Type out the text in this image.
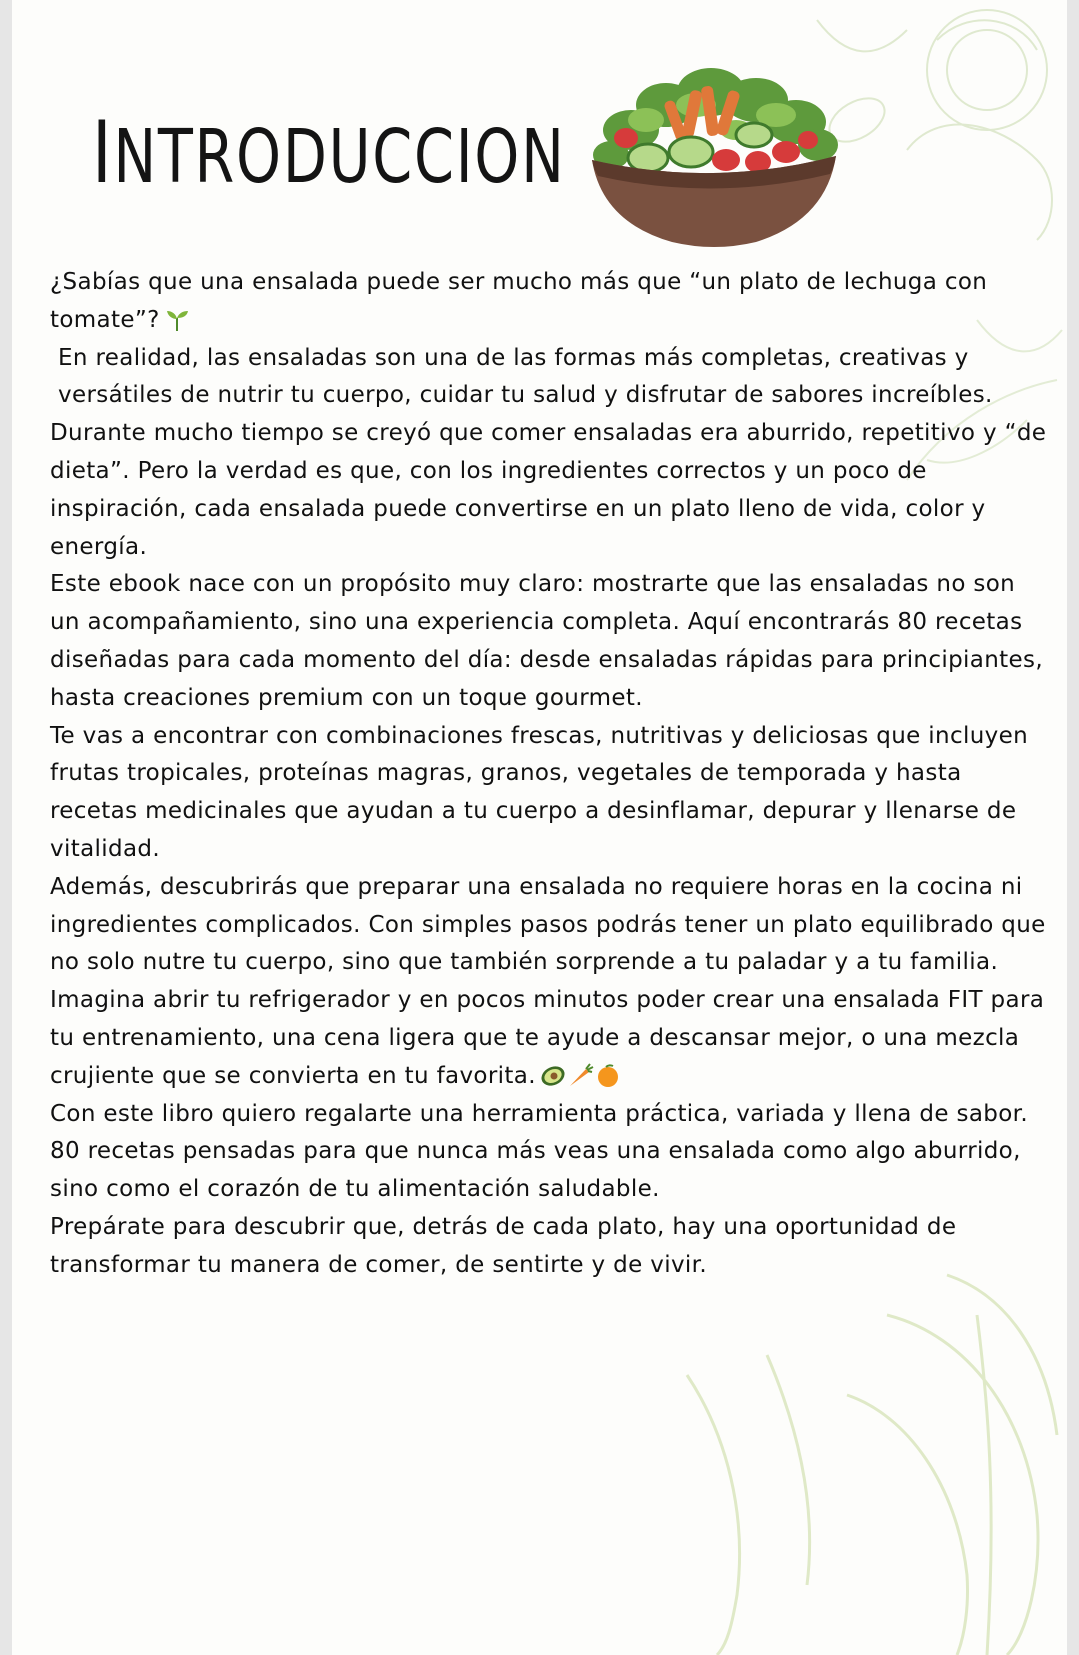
INTRODUCCION

¿Sabías que una ensalada puede ser mucho más que “un plato de lechuga con tomate”?

En realidad, las ensaladas son una de las formas más completas, creativas y versátiles de nutrir tu cuerpo, cuidar tu salud y disfrutar de sabores increíbles.

Durante mucho tiempo se creyó que comer ensaladas era aburrido, repetitivo y “de dieta”. Pero la verdad es que, con los ingredientes correctos y un poco de inspiración, cada ensalada puede convertirse en un plato lleno de vida, color y energía.

Este ebook nace con un propósito muy claro: mostrarte que las ensaladas no son un acompañamiento, sino una experiencia completa. Aquí encontrarás 80 recetas diseñadas para cada momento del día: desde ensaladas rápidas para principiantes, hasta creaciones premium con un toque gourmet.

Te vas a encontrar con combinaciones frescas, nutritivas y deliciosas que incluyen frutas tropicales, proteínas magras, granos, vegetales de temporada y hasta recetas medicinales que ayudan a tu cuerpo a desinflamar, depurar y llenarse de vitalidad.

Además, descubrirás que preparar una ensalada no requiere horas en la cocina ni ingredientes complicados. Con simples pasos podrás tener un plato equilibrado que no solo nutre tu cuerpo, sino que también sorprende a tu paladar y a tu familia.

Imagina abrir tu refrigerador y en pocos minutos poder crear una ensalada FIT para tu entrenamiento, una cena ligera que te ayude a descansar mejor, o una mezcla crujiente que se convierta en tu favorita.

Con este libro quiero regalarte una herramienta práctica, variada y llena de sabor. 80 recetas pensadas para que nunca más veas una ensalada como algo aburrido, sino como el corazón de tu alimentación saludable.

Prepárate para descubrir que, detrás de cada plato, hay una oportunidad de transformar tu manera de comer, de sentirte y de vivir.
